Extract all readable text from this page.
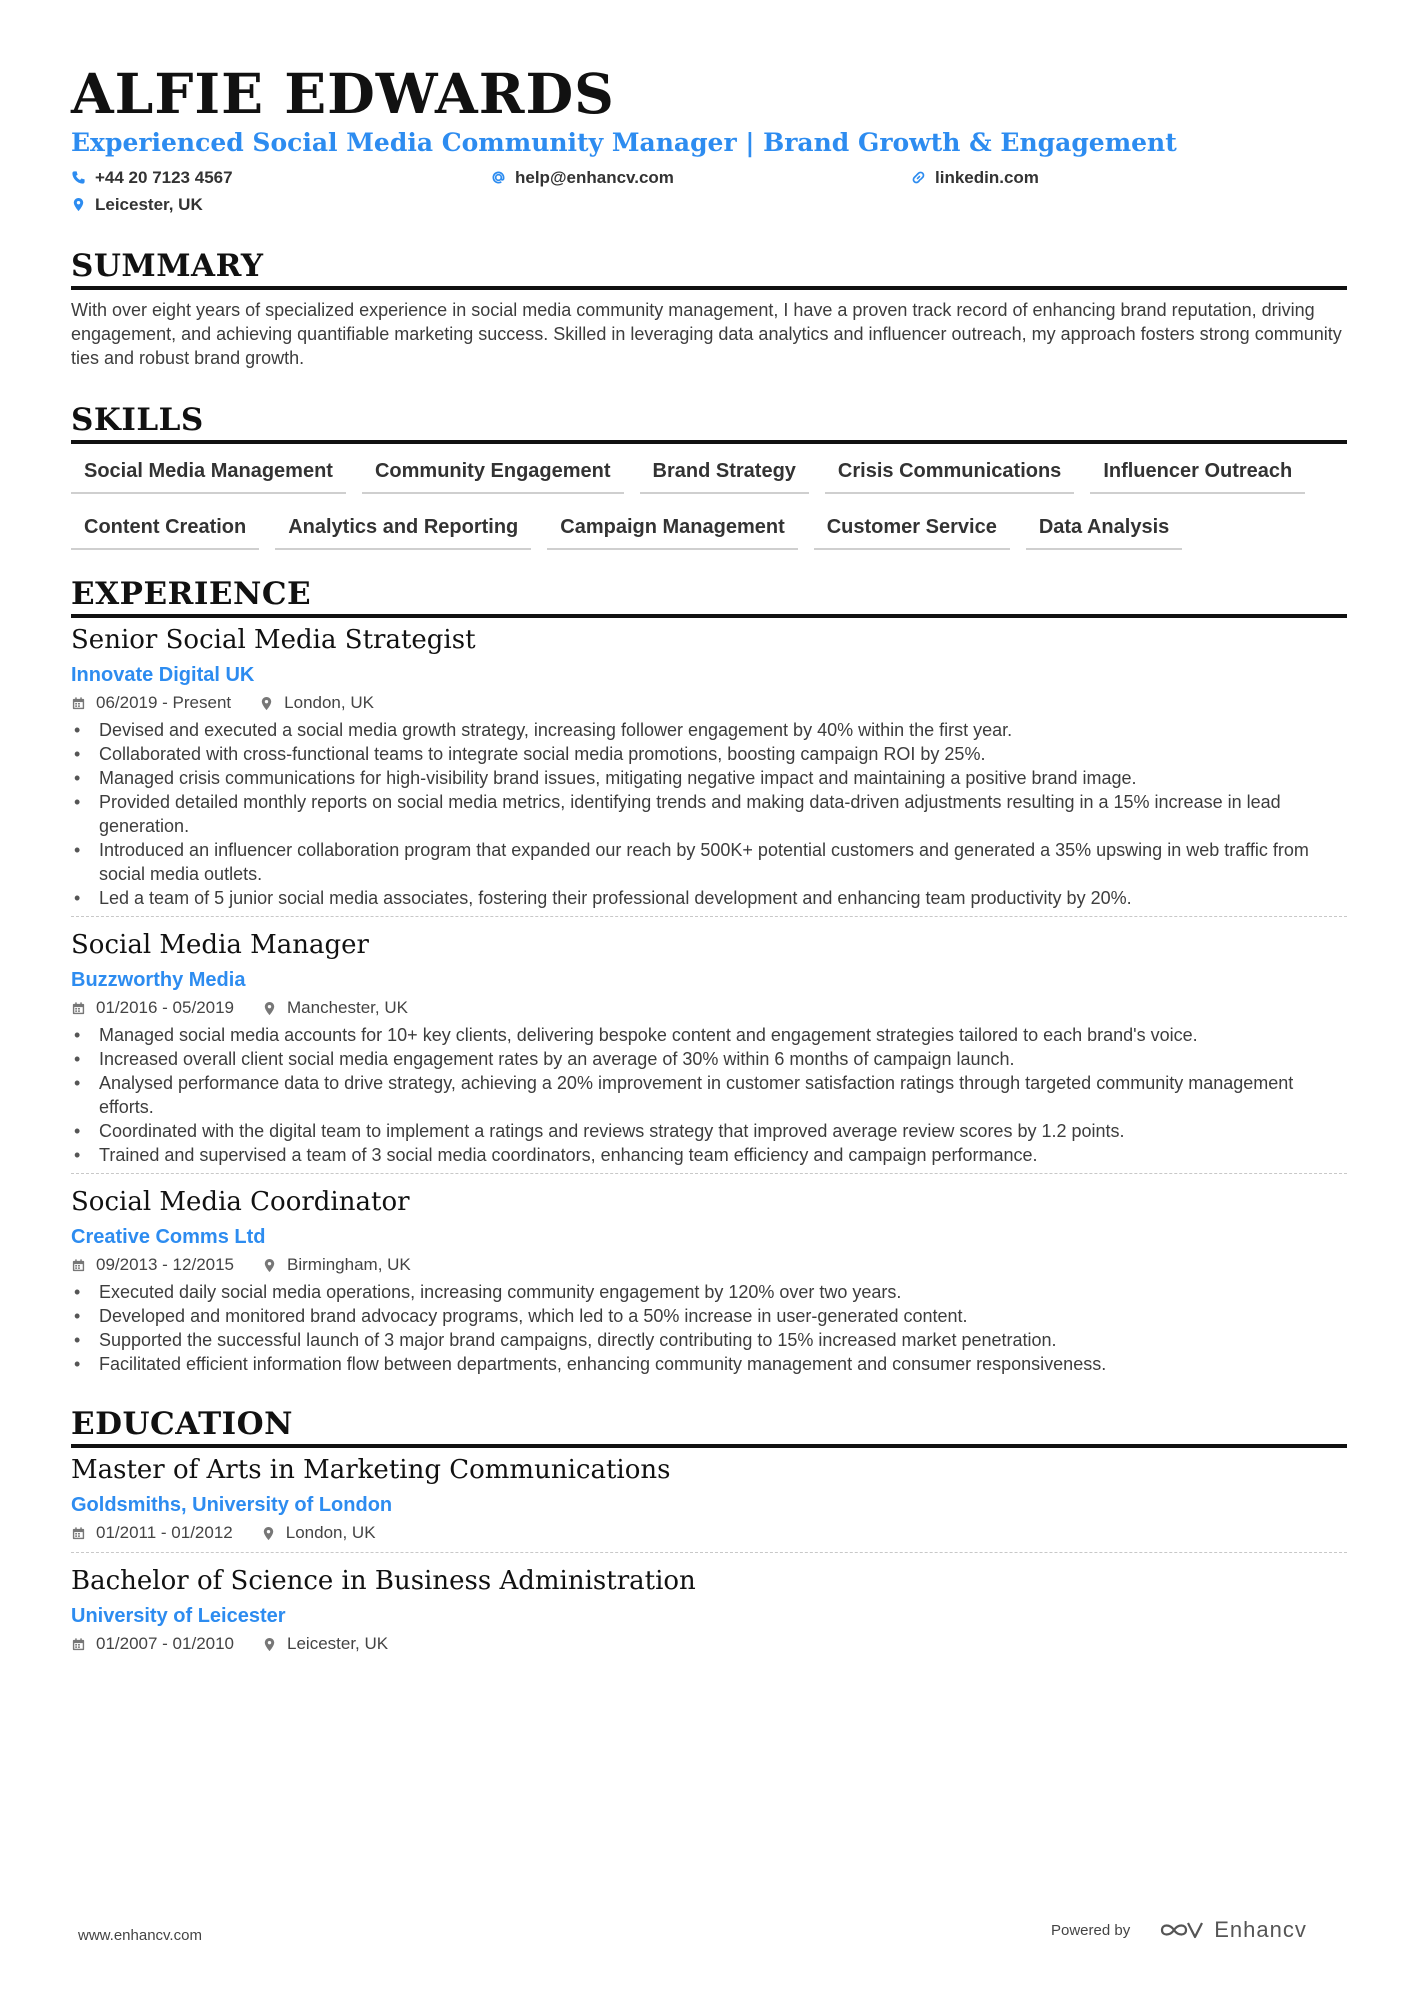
ALFIE EDWARDS
Experienced Social Media Community Manager | Brand Growth & Engagement
+44 20 7123 4567	help@enhancv.com	linkedin.com
Leicester, UK
SUMMARY
With over eight years of specialized experience in social media community management, I have a proven track record of enhancing brand reputation, driving engagement, and achieving quantifiable marketing success. Skilled in leveraging data analytics and influencer outreach, my approach fosters strong community ties and robust brand growth.
SKILLS
Social Media Management	Community Engagement	Brand Strategy	Crisis Communications	Influencer Outreach
Content Creation	Analytics and Reporting	Campaign Management	Customer Service	Data Analysis
EXPERIENCE
Senior Social Media Strategist
Innovate Digital UK
06/2019 - Present	London, UK
• Devised and executed a social media growth strategy, increasing follower engagement by 40% within the first year.
• Collaborated with cross-functional teams to integrate social media promotions, boosting campaign ROI by 25%.
• Managed crisis communications for high-visibility brand issues, mitigating negative impact and maintaining a positive brand image.
• Provided detailed monthly reports on social media metrics, identifying trends and making data-driven adjustments resulting in a 15% increase in lead generation.
• Introduced an influencer collaboration program that expanded our reach by 500K+ potential customers and generated a 35% upswing in web traffic from social media outlets.
• Led a team of 5 junior social media associates, fostering their professional development and enhancing team productivity by 20%.
Social Media Manager
Buzzworthy Media
01/2016 - 05/2019	Manchester, UK
• Managed social media accounts for 10+ key clients, delivering bespoke content and engagement strategies tailored to each brand's voice.
• Increased overall client social media engagement rates by an average of 30% within 6 months of campaign launch.
• Analysed performance data to drive strategy, achieving a 20% improvement in customer satisfaction ratings through targeted community management efforts.
• Coordinated with the digital team to implement a ratings and reviews strategy that improved average review scores by 1.2 points.
• Trained and supervised a team of 3 social media coordinators, enhancing team efficiency and campaign performance.
Social Media Coordinator
Creative Comms Ltd
09/2013 - 12/2015	Birmingham, UK
• Executed daily social media operations, increasing community engagement by 120% over two years.
• Developed and monitored brand advocacy programs, which led to a 50% increase in user-generated content.
• Supported the successful launch of 3 major brand campaigns, directly contributing to 15% increased market penetration.
• Facilitated efficient information flow between departments, enhancing community management and consumer responsiveness.
EDUCATION
Master of Arts in Marketing Communications
Goldsmiths, University of London
01/2011 - 01/2012	London, UK
Bachelor of Science in Business Administration
University of Leicester
01/2007 - 01/2010	Leicester, UK
www.enhancv.com	Powered by	Enhancv
